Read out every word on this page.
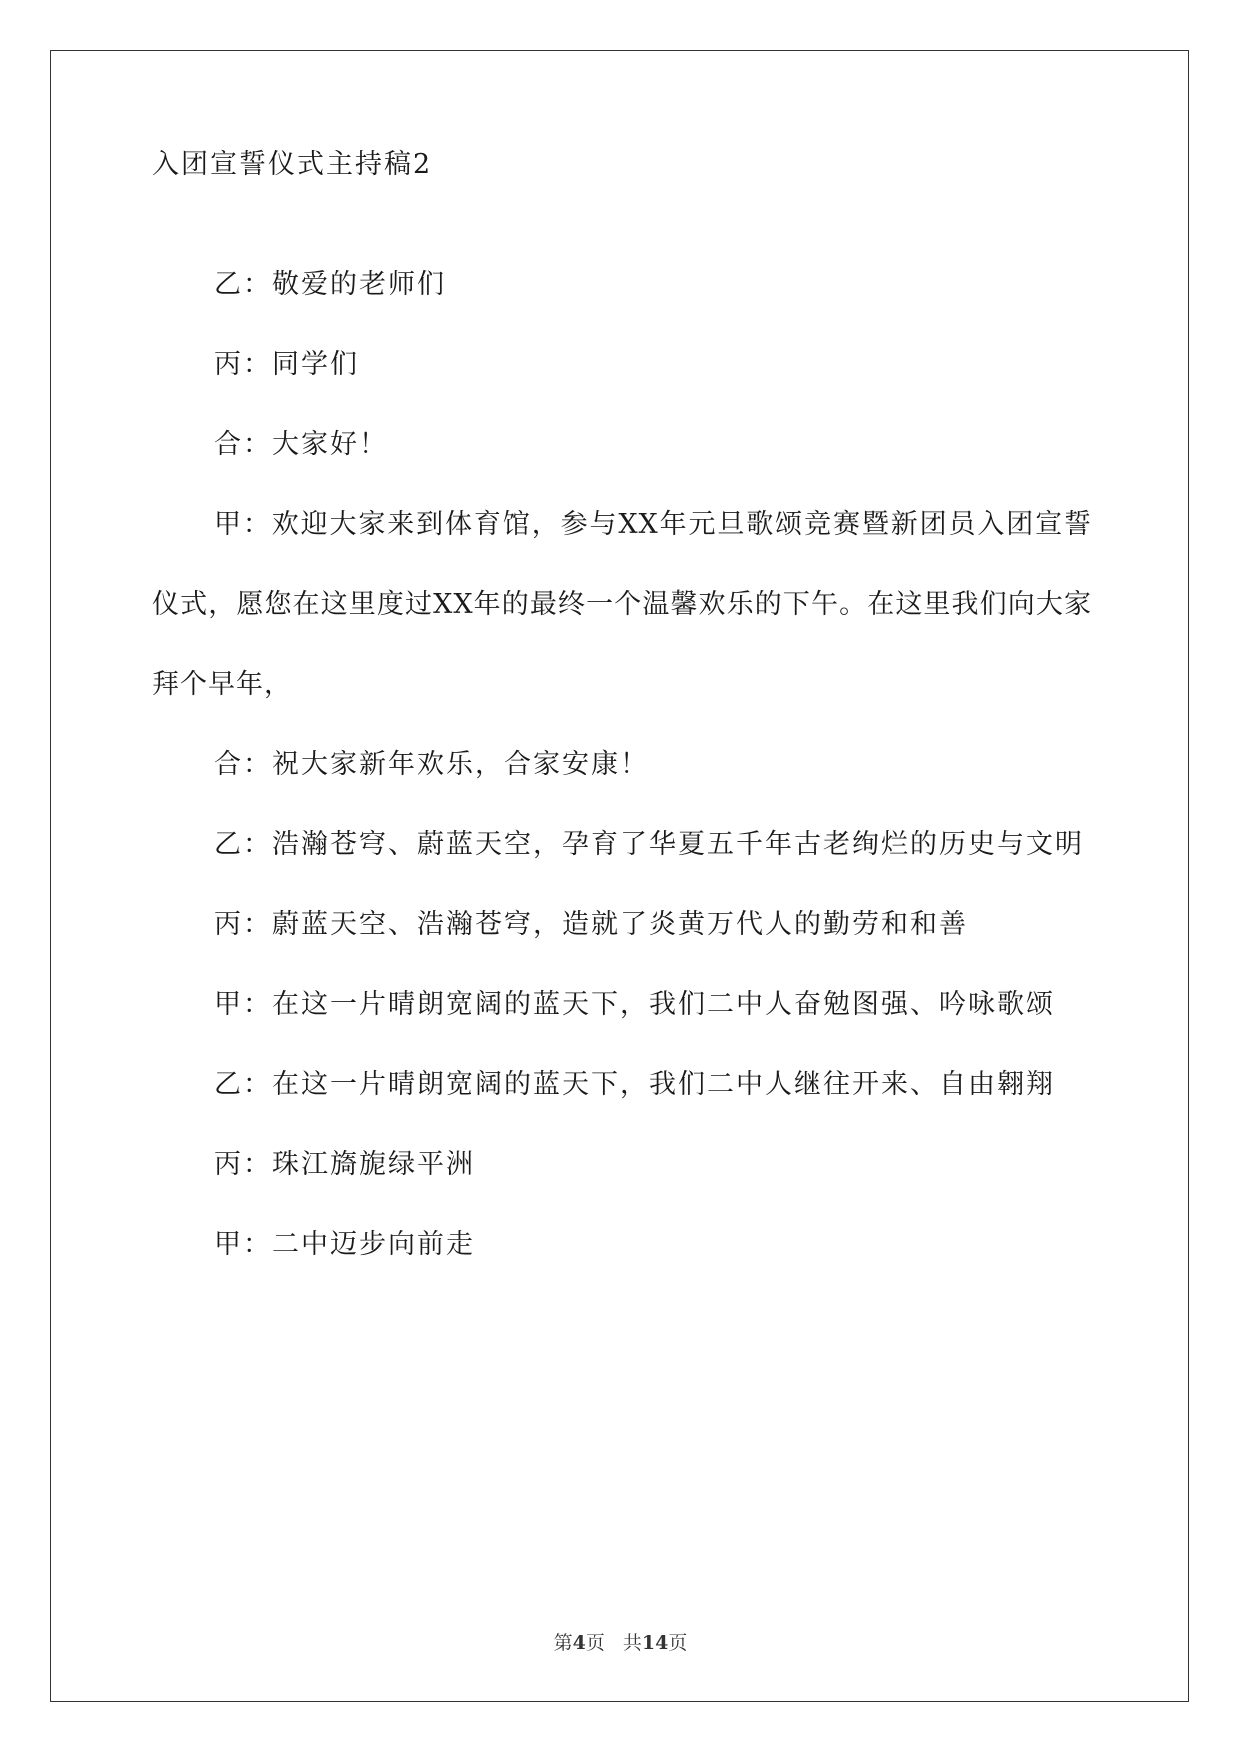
入团宣誓仪式主持稿2

乙：敬爱的老师们

丙：同学们

合：大家好！

甲：欢迎大家来到体育馆，参与XX年元旦歌颂竞赛暨新团员入团宣誓仪式，愿您在这里度过XX年的最终一个温馨欢乐的下午。在这里我们向大家拜个早年，

合：祝大家新年欢乐，合家安康！

乙：浩瀚苍穹、蔚蓝天空，孕育了华夏五千年古老绚烂的历史与文明

丙：蔚蓝天空、浩瀚苍穹，造就了炎黄万代人的勤劳和和善

甲：在这一片晴朗宽阔的蓝天下，我们二中人奋勉图强、吟咏歌颂

乙：在这一片晴朗宽阔的蓝天下，我们二中人继往开来、自由翱翔

丙：珠江旖旎绿平洲

甲：二中迈步向前走

第4页 共14页
